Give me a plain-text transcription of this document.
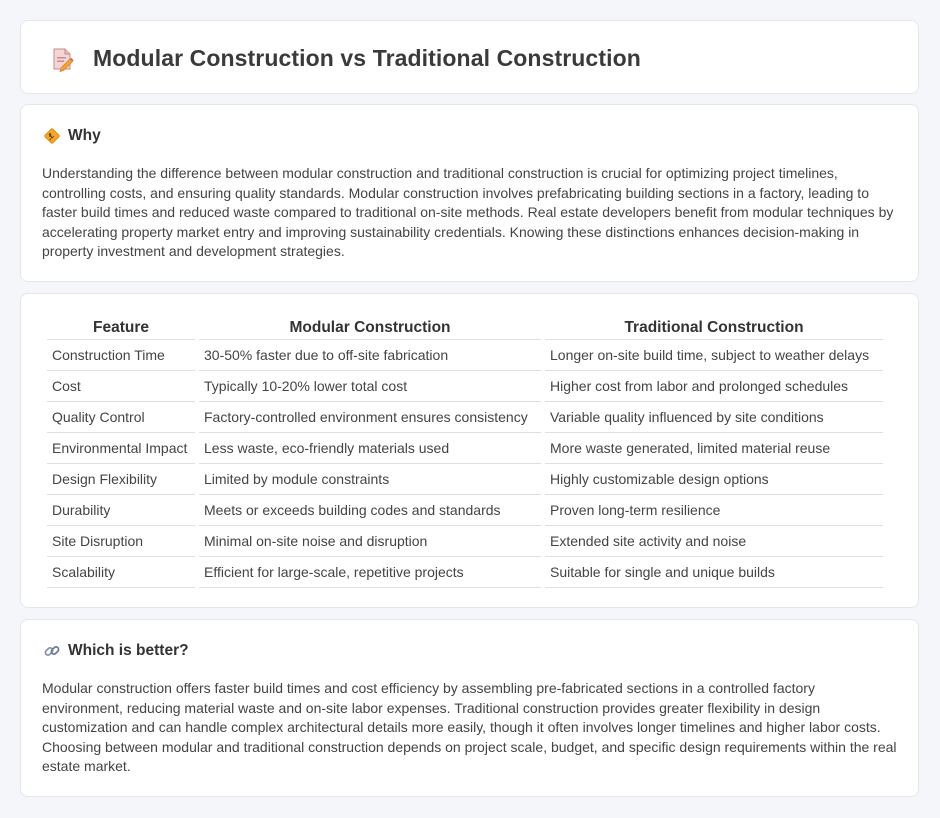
Modular Construction vs Traditional Construction
Why

Understanding the difference between modular construction and traditional construction is crucial for optimizing project timelines, controlling costs, and ensuring quality standards. Modular construction involves prefabricating building sections in a factory, leading to faster build times and reduced waste compared to traditional on-site methods. Real estate developers benefit from modular techniques by accelerating property market entry and improving sustainability credentials. Knowing these distinctions enhances decision-making in property investment and development strategies.

Feature	Modular Construction	Traditional Construction
Construction Time	30-50% faster due to off-site fabrication	Longer on-site build time, subject to weather delays
Cost	Typically 10-20% lower total cost	Higher cost from labor and prolonged schedules
Quality Control	Factory-controlled environment ensures consistency	Variable quality influenced by site conditions
Environmental Impact	Less waste, eco-friendly materials used	More waste generated, limited material reuse
Design Flexibility	Limited by module constraints	Highly customizable design options
Durability	Meets or exceeds building codes and standards	Proven long-term resilience
Site Disruption	Minimal on-site noise and disruption	Extended site activity and noise
Scalability	Efficient for large-scale, repetitive projects	Suitable for single and unique builds
Which is better?

Modular construction offers faster build times and cost efficiency by assembling pre-fabricated sections in a controlled factory environment, reducing material waste and on-site labor expenses. Traditional construction provides greater flexibility in design customization and can handle complex architectural details more easily, though it often involves longer timelines and higher labor costs. Choosing between modular and traditional construction depends on project scale, budget, and specific design requirements within the real estate market.
